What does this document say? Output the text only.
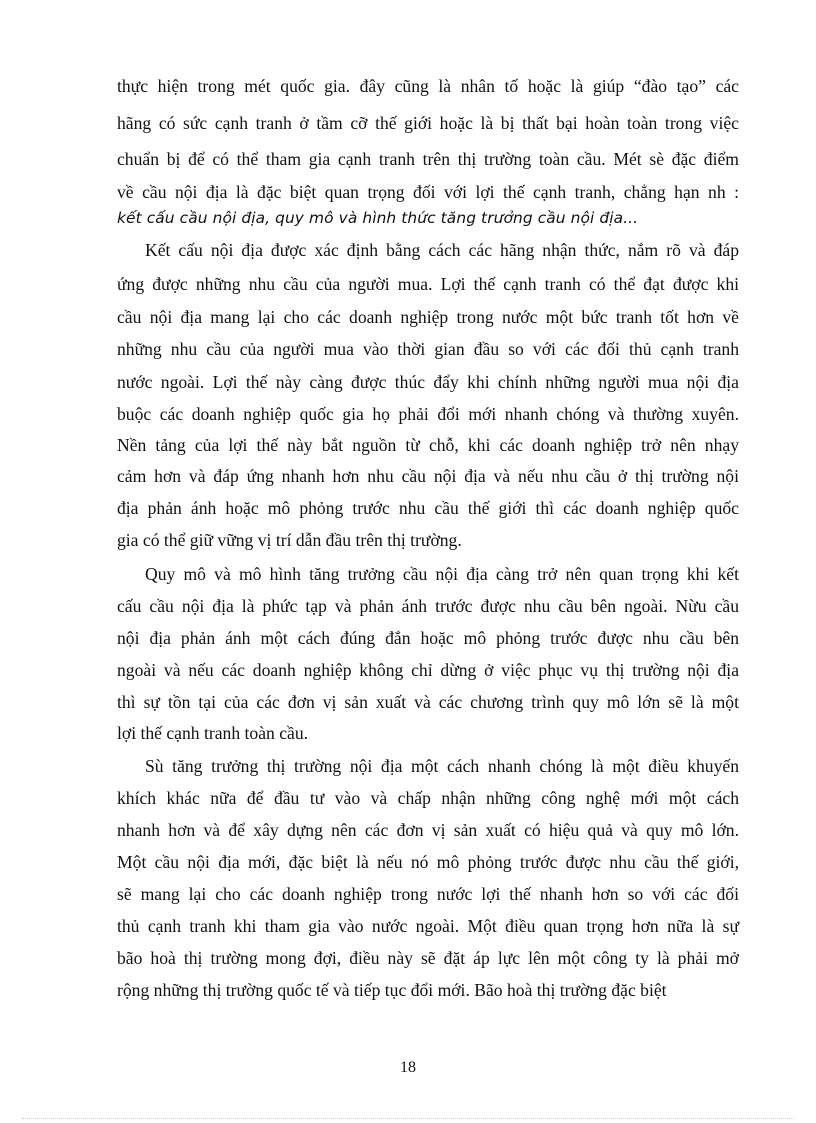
thực hiện trong mét quốc gia. đây cũng là nhân tố hoặc là giúp “đào tạo” các
hãng có sức cạnh tranh ở tầm cỡ thế giới hoặc là bị thất bại hoàn toàn trong việc
chuẩn bị để có thể tham gia cạnh tranh trên thị trường toàn cầu. Mét sè đặc điểm
về cầu nội địa là đặc biệt quan trọng đối với lợi thế cạnh tranh, chẳng hạn nh :
kết cấu cầu nội địa, quy mô và hình thức tăng trưởng cầu nội địa...
Kết cấu nội địa được xác định bằng cách các hãng nhận thức, nắm rõ và đáp
ứng được những nhu cầu của người mua. Lợi thế cạnh tranh có thể đạt được khi
cầu nội địa mang lại cho các doanh nghiệp trong nước một bức tranh tốt hơn về
những nhu cầu của người mua vào thời gian đầu so với các đối thủ cạnh tranh
nước ngoài. Lợi thế này càng được thúc đẩy khi chính những người mua nội địa
buộc các doanh nghiệp quốc gia họ phải đổi mới nhanh chóng và thường xuyên.
Nền tảng của lợi thế này bắt nguồn từ chỗ, khi các doanh nghiệp trở nên nhạy
cảm hơn và đáp ứng nhanh hơn nhu cầu nội địa và nếu nhu cầu ở thị trường nội
địa phản ánh hoặc mô phỏng trước nhu cầu thế giới thì các doanh nghiệp quốc
gia có thể giữ vững vị trí dẫn đầu trên thị trường.
Quy mô và mô hình tăng trưởng cầu nội địa càng trở nên quan trọng khi kết
cấu cầu nội địa là phức tạp và phản ánh trước được nhu cầu bên ngoài. Nừu cầu
nội địa phản ánh một cách đúng đắn hoặc mô phỏng trước được nhu cầu bên
ngoài và nếu các doanh nghiệp không chỉ dừng ở việc phục vụ thị trường nội địa
thì sự tồn tại của các đơn vị sản xuất và các chương trình quy mô lớn sẽ là một
lợi thế cạnh tranh toàn cầu.
Sù tăng trưởng thị trường nội địa một cách nhanh chóng là một điều khuyến
khích khác nữa để đầu tư vào và chấp nhận những công nghệ mới một cách
nhanh hơn và để xây dựng nên các đơn vị sản xuất có hiệu quả và quy mô lớn.
Một cầu nội địa mới, đặc biệt là nếu nó mô phỏng trước được nhu cầu thế giới,
sẽ mang lại cho các doanh nghiệp trong nước lợi thế nhanh hơn so với các đối
thủ cạnh tranh khi tham gia vào nước ngoài. Một điều quan trọng hơn nữa là sự
bão hoà thị trường mong đợi, điều này sẽ đặt áp lực lên một công ty là phải mở
rộng những thị trường quốc tế và tiếp tục đổi mới. Bão hoà thị trường đặc biệt
18
